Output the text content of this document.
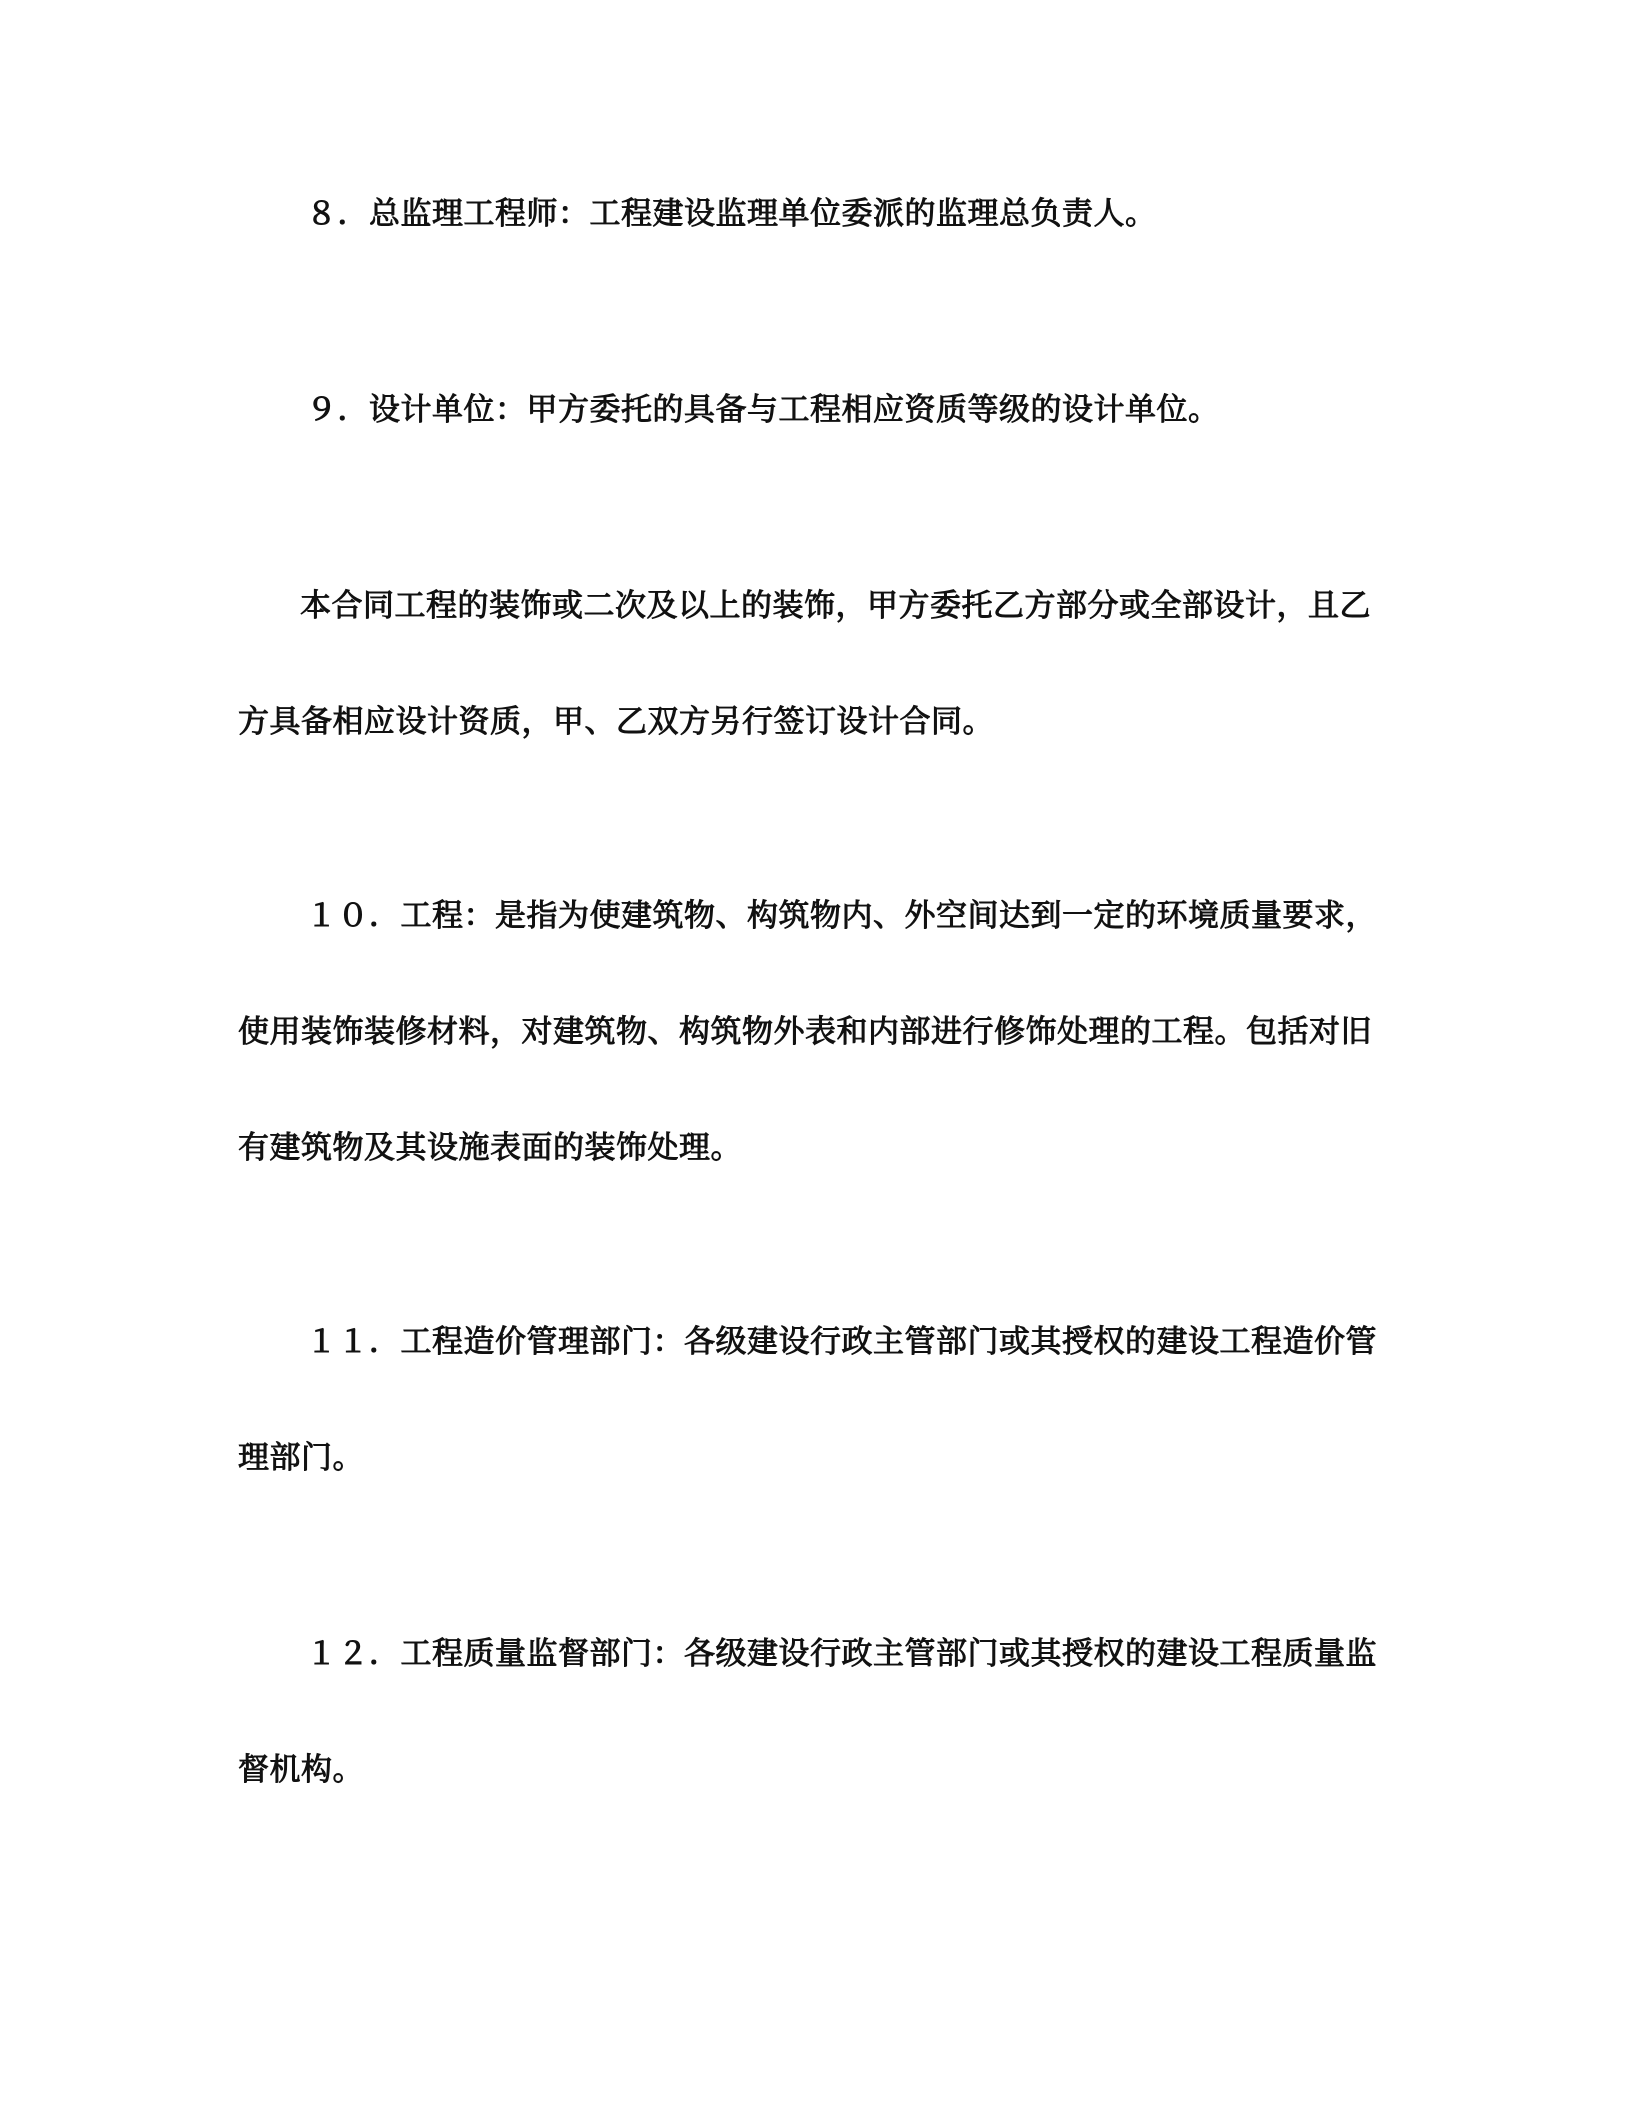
８．总监理工程师：工程建设监理单位委派的监理总负责人。
９．设计单位：甲方委托的具备与工程相应资质等级的设计单位。
本合同工程的装饰或二次及以上的装饰，甲方委托乙方部分或全部设计，且乙
方具备相应设计资质，甲、乙双方另行签订设计合同。
１０．工程：是指为使建筑物、构筑物内、外空间达到一定的环境质量要求，
使用装饰装修材料，对建筑物、构筑物外表和内部进行修饰处理的工程。包括对旧
有建筑物及其设施表面的装饰处理。
１１．工程造价管理部门：各级建设行政主管部门或其授权的建设工程造价管
理部门。
１２．工程质量监督部门：各级建设行政主管部门或其授权的建设工程质量监
督机构。
